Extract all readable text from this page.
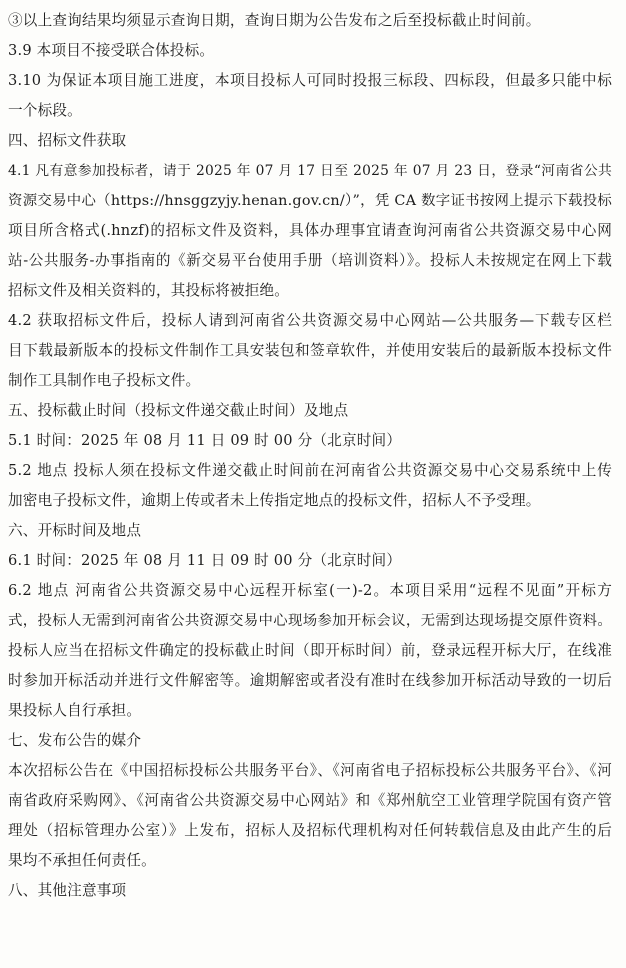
③以上查询结果均须显示查询日期，查询日期为公告发布之后至投标截止时间前。
3.9 本项目不接受联合体投标。
3.10 为保证本项目施工进度，本项目投标人可同时投报三标段、四标段，但最多只能中标
一个标段。
四、招标文件获取
4.1 凡有意参加投标者，请于 2025 年 07 月 17 日至 2025 年 07 月 23 日，登录“河南省公共
资源交易中心（https://hnsggzyjy.henan.gov.cn/）”，凭 CA 数字证书按网上提示下载投标
项目所含格式(.hnzf)的招标文件及资料，具体办理事宜请查询河南省公共资源交易中心网
站-公共服务-办事指南的《新交易平台使用手册（培训资料）》。投标人未按规定在网上下载
招标文件及相关资料的，其投标将被拒绝。
4.2 获取招标文件后，投标人请到河南省公共资源交易中心网站—公共服务—下载专区栏
目下载最新版本的投标文件制作工具安装包和签章软件，并使用安装后的最新版本投标文件
制作工具制作电子投标文件。
五、投标截止时间（投标文件递交截止时间）及地点
5.1 时间：2025 年 08 月 11 日 09 时 00 分（北京时间）
5.2 地点 投标人须在投标文件递交截止时间前在河南省公共资源交易中心交易系统中上传
加密电子投标文件，逾期上传或者未上传指定地点的投标文件，招标人不予受理。
六、开标时间及地点
6.1 时间：2025 年 08 月 11 日 09 时 00 分（北京时间）
6.2 地点 河南省公共资源交易中心远程开标室(一)-2。本项目采用“远程不见面”开标方
式，投标人无需到河南省公共资源交易中心现场参加开标会议，无需到达现场提交原件资料。
投标人应当在招标文件确定的投标截止时间（即开标时间）前，登录远程开标大厅，在线准
时参加开标活动并进行文件解密等。逾期解密或者没有准时在线参加开标活动导致的一切后
果投标人自行承担。
七、发布公告的媒介
本次招标公告在《中国招标投标公共服务平台》、《河南省电子招标投标公共服务平台》、《河
南省政府采购网》、《河南省公共资源交易中心网站》和《郑州航空工业管理学院国有资产管
理处（招标管理办公室）》上发布，招标人及招标代理机构对任何转载信息及由此产生的后
果均不承担任何责任。
八、其他注意事项
